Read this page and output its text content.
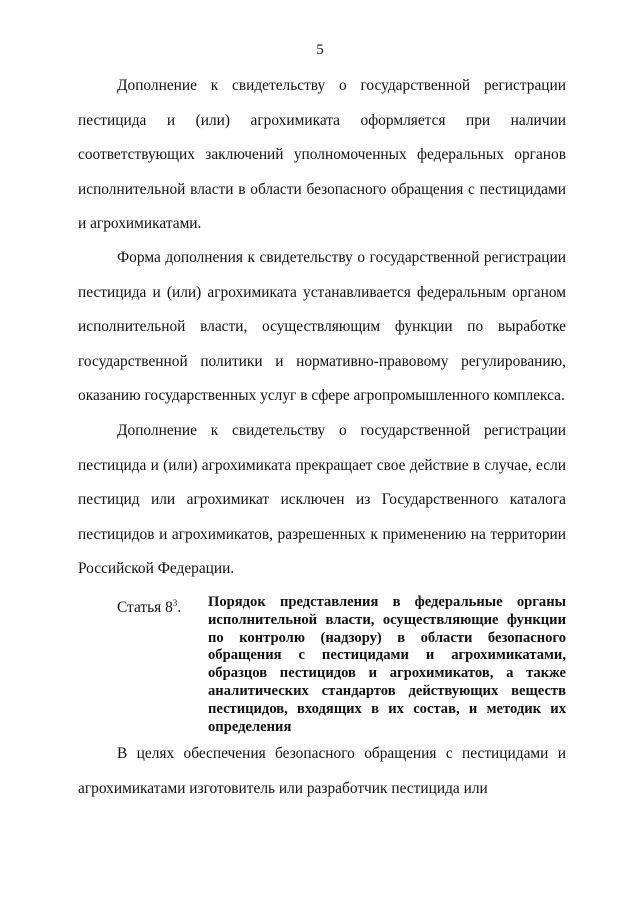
5

Дополнение к свидетельству о государственной регистрации пестицида и (или) агрохимиката оформляется при наличии соответствующих заключений уполномоченных федеральных органов исполнительной власти в области безопасного обращения с пестицидами и агрохимикатами.

Форма дополнения к свидетельству о государственной регистрации пестицида и (или) агрохимиката устанавливается федеральным органом исполнительной власти, осуществляющим функции по выработке государственной политики и нормативно-правовому регулированию, оказанию государственных услуг в сфере агропромышленного комплекса.

Дополнение к свидетельству о государственной регистрации пестицида и (или) агрохимиката прекращает свое действие в случае, если пестицид или агрохимикат исключен из Государственного каталога пестицидов и агрохимикатов, разрешенных к применению на территории Российской Федерации.

Статья $8^3$. Порядок представления в федеральные органы исполнительной власти, осуществляющие функции по контролю (надзору) в области безопасного обращения с пестицидами и агрохимикатами, образцов пестицидов и агрохимикатов, а также аналитических стандартов действующих веществ пестицидов, входящих в их состав, и методик их определения

В целях обеспечения безопасного обращения с пестицидами и агрохимикатами изготовитель или разработчик пестицида или
